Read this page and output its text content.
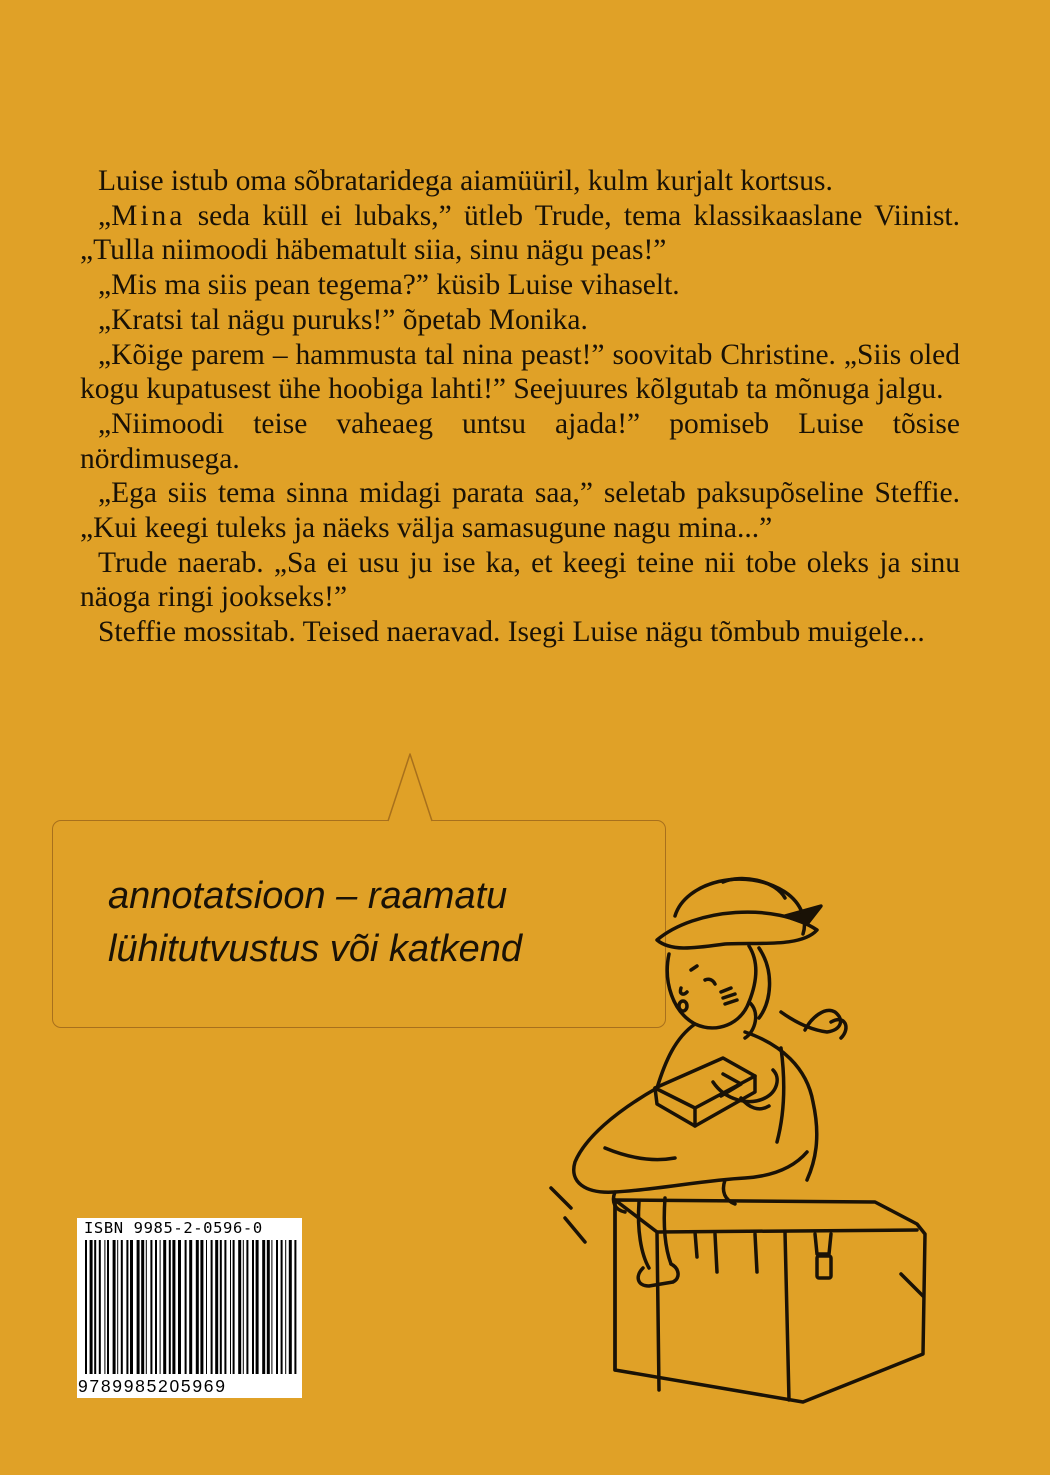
Luise istub oma sõbrataridega aiamüüril, kulm kurjalt kortsus.

„Mina seda küll ei lubaks,” ütleb Trude, tema klassikaaslane Viinist. „Tulla niimoodi häbematult siia, sinu nägu peas!”

„Mis ma siis pean tegema?” küsib Luise vihaselt.

„Kratsi tal nägu puruks!” õpetab Monika.

„Kõige parem – hammusta tal nina peast!” soovitab Christine. „Siis oled kogu kupatusest ühe hoobiga lahti!” Seejuures kõlgutab ta mõnuga jalgu.

„Niimoodi teise vaheaeg untsu ajada!” pomiseb Luise tõsise nördimusega.

„Ega siis tema sinna midagi parata saa,” seletab paksupõseline Steffie. „Kui keegi tuleks ja näeks välja samasugune nagu mina...”

Trude naerab. „Sa ei usu ju ise ka, et keegi teine nii tobe oleks ja sinu näoga ringi jookseks!”

Steffie mossitab. Teised naeravad. Isegi Luise nägu tõmbub muigele...

annotatsioon – raamatu
lühitutvustus või katkend
ISBN 9985-2-0596-0
9789985205969
